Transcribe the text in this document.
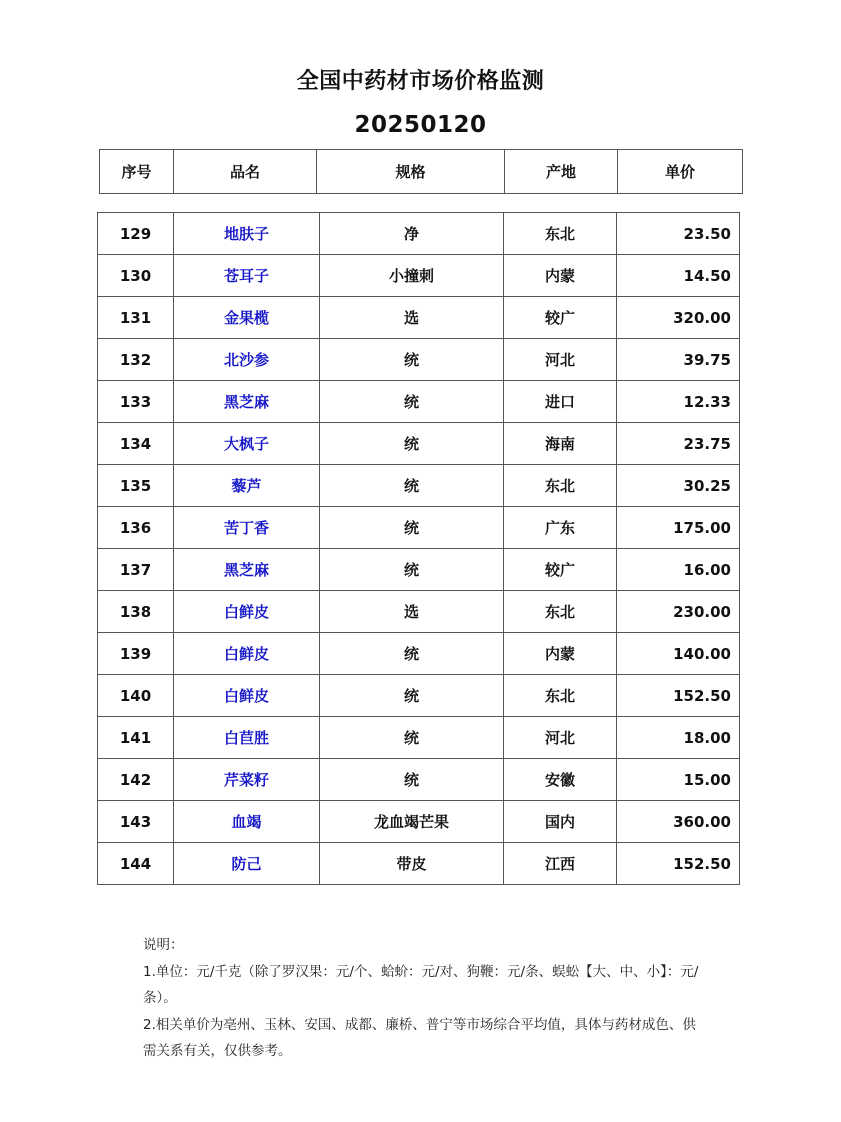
全国中药材市场价格监测
20250120
序号	品名	规格	产地	单价
129	地肤子	净	东北	23.50
130	苍耳子	小撞刺	内蒙	14.50
131	金果榄	选	较广	320.00
132	北沙参	统	河北	39.75
133	黑芝麻	统	进口	12.33
134	大枫子	统	海南	23.75
135	藜芦	统	东北	30.25
136	苦丁香	统	广东	175.00
137	黑芝麻	统	较广	16.00
138	白鲜皮	选	东北	230.00
139	白鲜皮	统	内蒙	140.00
140	白鲜皮	统	东北	152.50
141	白苣胜	统	河北	18.00
142	芹菜籽	统	安徽	15.00
143	血竭	龙血竭芒果	国内	360.00
144	防己	带皮	江西	152.50

说明：

1.单位：元/千克（除了罗汉果：元/个、蛤蚧：元/对、狗鞭：元/条、蜈蚣【大、中、小】：元/条）。

2.相关单价为亳州、玉林、安国、成都、廉桥、普宁等市场综合平均值，具体与药材成色、供需关系有关，仅供参考。
